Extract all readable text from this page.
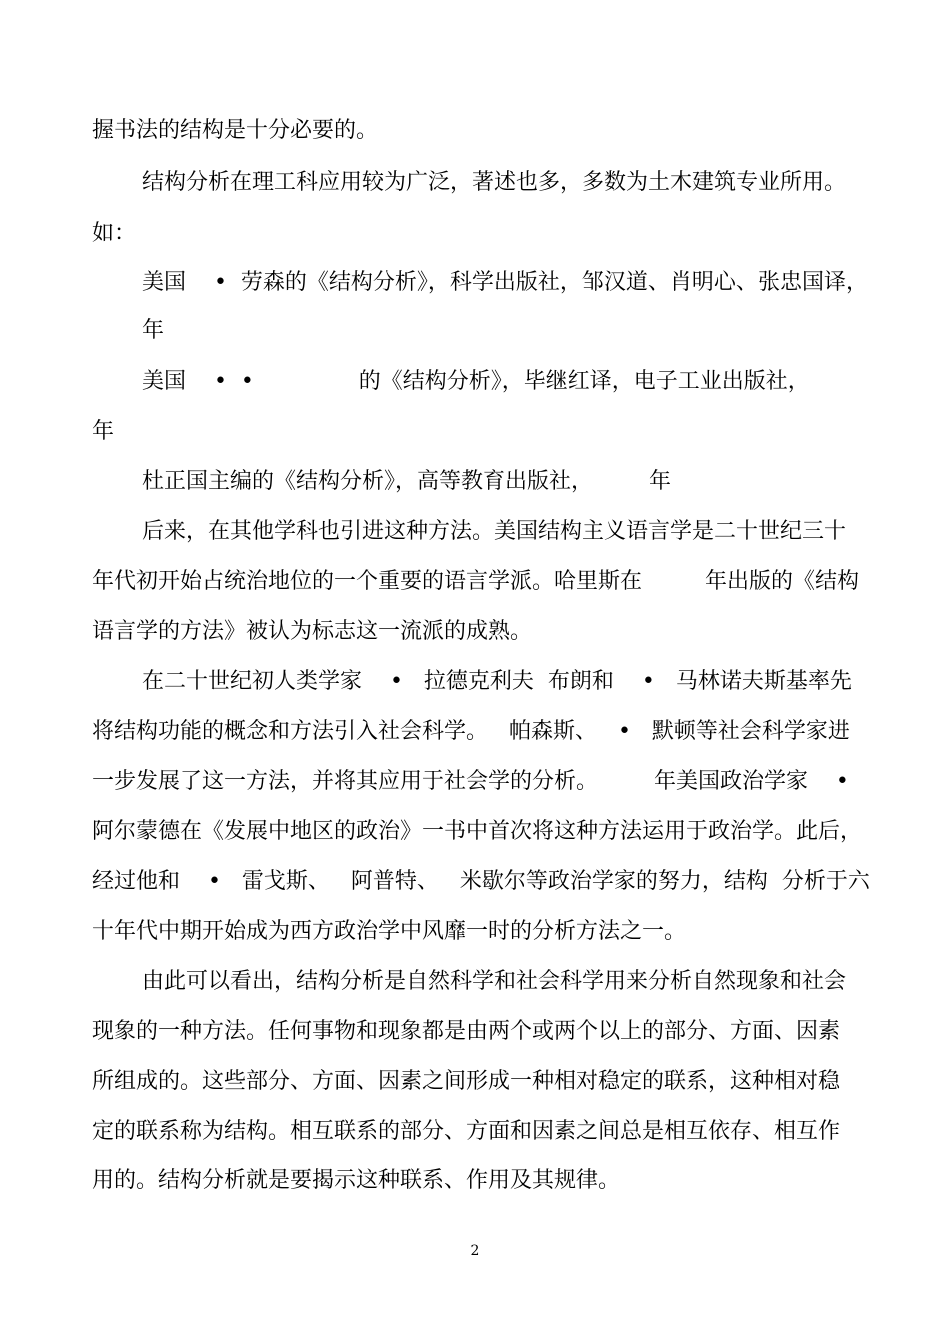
握书法的结构是十分必要的。
结构分析在理工科应用较为广泛，著述也多，多数为土木建筑专业所用。
如：
美国    •  劳森的《结构分析》，科学出版社，邹汉道、肖明心、张忠国译，
年
美国    •  •               的《结构分析》，毕继红译，电子工业出版社，
年
杜正国主编的《结构分析》，高等教育出版社，        年
后来，在其他学科也引进这种方法。美国结构主义语言学是二十世纪三十
年代初开始占统治地位的一个重要的语言学派。哈里斯在         年出版的《结构
语言学的方法》被认为标志这一流派的成熟。
在二十世纪初人类学家    •   拉德克利夫  布朗和    •   马林诺夫斯基率先
将结构功能的概念和方法引入社会科学。   帕森斯、   •   默顿等社会科学家进
一步发展了这一方法，并将其应用于社会学的分析。        年美国政治学家    •
阿尔蒙德在《发展中地区的政治》一书中首次将这种方法运用于政治学。此后，
经过他和    •   雷戈斯、   阿普特、   米歇尔等政治学家的努力，结构  分析于六
十年代中期开始成为西方政治学中风靡一时的分析方法之一。
由此可以看出，结构分析是自然科学和社会科学用来分析自然现象和社会
现象的一种方法。任何事物和现象都是由两个或两个以上的部分、方面、因素
所组成的。这些部分、方面、因素之间形成一种相对稳定的联系，这种相对稳
定的联系称为结构。相互联系的部分、方面和因素之间总是相互依存、相互作
用的。结构分析就是要揭示这种联系、作用及其规律。
2
